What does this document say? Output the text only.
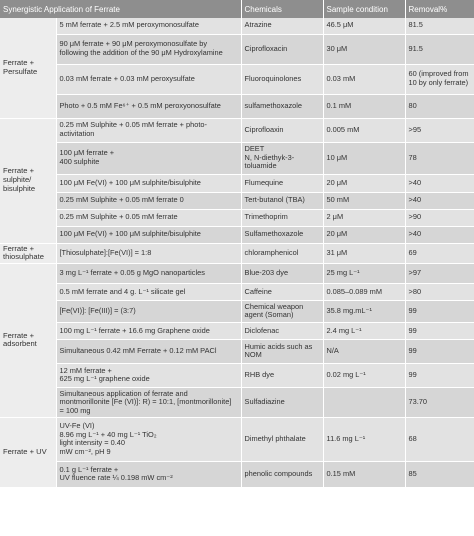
Synergistic Application of Ferrate		Chemicals	Sample condition	Removal%
Ferrate +
Persulfate	5 mM ferrate + 2.5 mM peroxymonosulfate	Atrazine	46.5 μM	81.5
	90 μM ferrate + 90 μM peroxymonosulfate by following the addition of the 90 μM Hydroxylamine	Ciprofloxacin	30 μM	91.5
	0.03 mM ferrate + 0.03 mM peroxysulfate	Fluoroquinolones	0.03 mM	60 (improved from 10 by only ferrate)
	Photo + 0.5 mM Fe⁶⁺ + 0.5 mM peroxyonosulfate	sulfamethoxazole	0.1 mM	80
Ferrate +
sulphite/
bisulphite	0.25 mM Sulphite + 0.05 mM ferrate + photo-activitation	Ciprofloaxin	0.005 mM	>95
	100 μM ferrate +
400 sulphite	DEET
N, N-diethyk-3-toluamide	10 μM	78
	100 μM Fe(VI) + 100 μM sulphite/bisulphite	Flumequine	20 μM	>40
	0.25 mM Sulphite + 0.05 mM ferrate 0	Tert-butanol (TBA)	50 mM	>40
	0.25 mM Sulphite + 0.05 mM ferrate	Trimethoprim	2 μM	>90
	100 μM Fe(VI) + 100 μM sulphite/bisulphite	Sulfamethoxazole	20 μM	>40
Ferrate +
thiosulphate	[Thiosulphate]:[Fe(VI)] = 1:8	chloramphenicol	31 μM	69
Ferrate +
adsorbent	3 mg L⁻¹ ferrate + 0.05 g MgO nanoparticles	Blue-203 dye	25 mg L⁻¹	>97
	0.5 mM ferrate and 4 g. L⁻¹ silicate gel	Caffeine	0.085–0.089 mM	>80
	[Fe(VI)]: [Fe(III)] = (3:7)	Chemical weapon agent (Soman)	35.8 mg.mL⁻¹	99
	100 mg L⁻¹ ferrate + 16.6 mg Graphene oxide	Diclofenac	2.4 mg L⁻¹	99
	Simultaneous 0.42 mM Ferrate + 0.12 mM PACl	Humic acids such as NOM	N/A	99
	12 mM ferrate +
625 mg L⁻¹ graphene oxide	RHB dye	0.02 mg L⁻¹	99
	Simultaneous application of ferrate and montmorillonite [Fe (VI)]: R) = 10:1, [montmorillonite] = 100 mg	Sulfadiazine		73.70
Ferrate + UV	UV-Fe (VI)
8.96 mg L⁻¹ + 40 mg L⁻¹ TiO₂
light intensity = 0.40
mW cm⁻², pH 9	Dimethyl phthalate	11.6 mg L⁻¹	68
	0.1 g L⁻¹ ferrate +
UV fluence rate ¼ 0.198 mW cm⁻²	phenolic compounds	0.15 mM	85
